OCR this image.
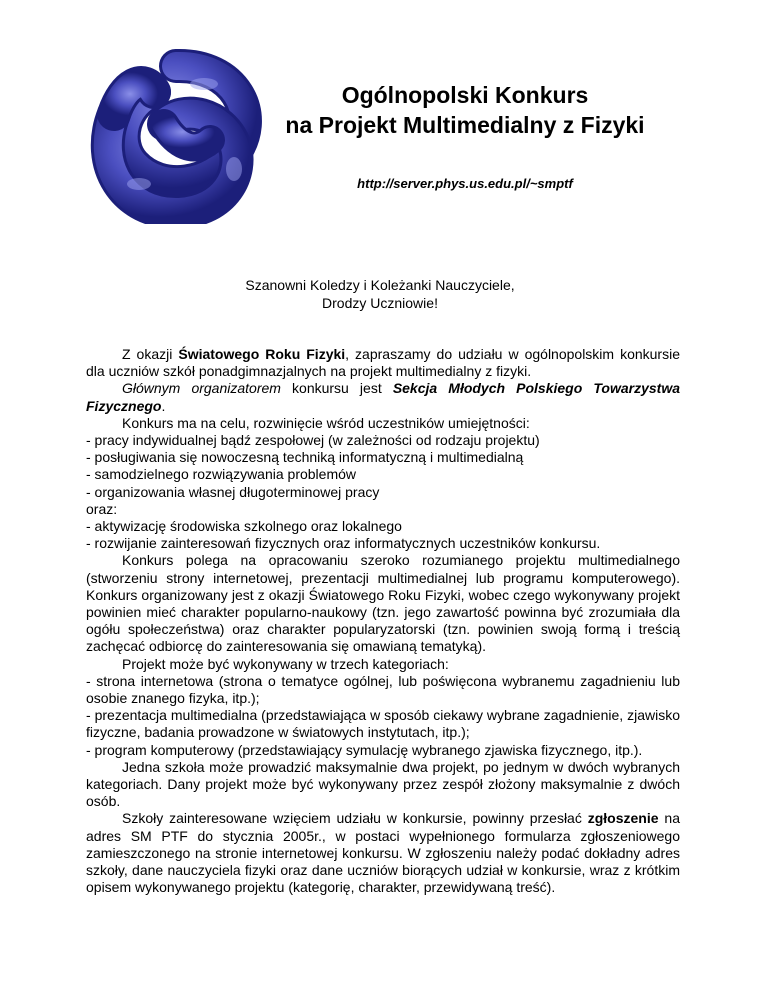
Ogólnopolski Konkurs
na Projekt Multimedialny z Fizyki
http://server.phys.us.edu.pl/~smptf
Szanowni Koledzy i Koleżanki Nauczyciele,
Drodzy Uczniowie!

Z okazji Światowego Roku Fizyki, zapraszamy do udziału w ogólnopolskim konkursie dla uczniów szkół ponadgimnazjalnych na projekt multimedialny z fizyki.

Głównym organizatorem konkursu jest Sekcja Młodych Polskiego Towarzystwa Fizycznego.

Konkurs ma na celu, rozwinięcie wśród uczestników umiejętności:

- pracy indywidualnej bądź zespołowej (w zależności od rodzaju projektu)

- posługiwania się nowoczesną techniką informatyczną i multimedialną

- samodzielnego rozwiązywania problemów

- organizowania własnej długoterminowej pracy

oraz:

- aktywizację środowiska szkolnego oraz lokalnego

- rozwijanie zainteresowań fizycznych oraz informatycznych uczestników konkursu.

Konkurs polega na opracowaniu szeroko rozumianego projektu multimedialnego (stworzeniu strony internetowej, prezentacji multimedialnej lub programu komputerowego). Konkurs organizowany jest z okazji Światowego Roku Fizyki, wobec czego wykonywany projekt powinien mieć charakter popularno-naukowy (tzn. jego zawartość powinna być zrozumiała dla ogółu społeczeństwa) oraz charakter popularyzatorski (tzn. powinien swoją formą i treścią zachęcać odbiorcę do zainteresowania się omawianą tematyką).

Projekt może być wykonywany w trzech kategoriach:

- strona internetowa (strona o tematyce ogólnej, lub poświęcona wybranemu zagadnieniu lub osobie znanego fizyka, itp.);

- prezentacja multimedialna (przedstawiająca w sposób ciekawy wybrane zagadnienie, zjawisko fizyczne, badania prowadzone w światowych instytutach, itp.);

- program komputerowy (przedstawiający symulację wybranego zjawiska fizycznego, itp.).

Jedna szkoła może prowadzić maksymalnie dwa projekt, po jednym w dwóch wybranych kategoriach. Dany projekt może być wykonywany przez zespół złożony maksymalnie z dwóch osób.

Szkoły zainteresowane wzięciem udziału w konkursie, powinny przesłać zgłoszenie na adres SM PTF do stycznia 2005r., w postaci wypełnionego formularza zgłoszeniowego zamieszczonego na stronie internetowej konkursu. W zgłoszeniu należy podać dokładny adres szkoły, dane nauczyciela fizyki oraz dane uczniów biorących udział w konkursie, wraz z krótkim opisem wykonywanego projektu (kategorię, charakter, przewidywaną treść).
